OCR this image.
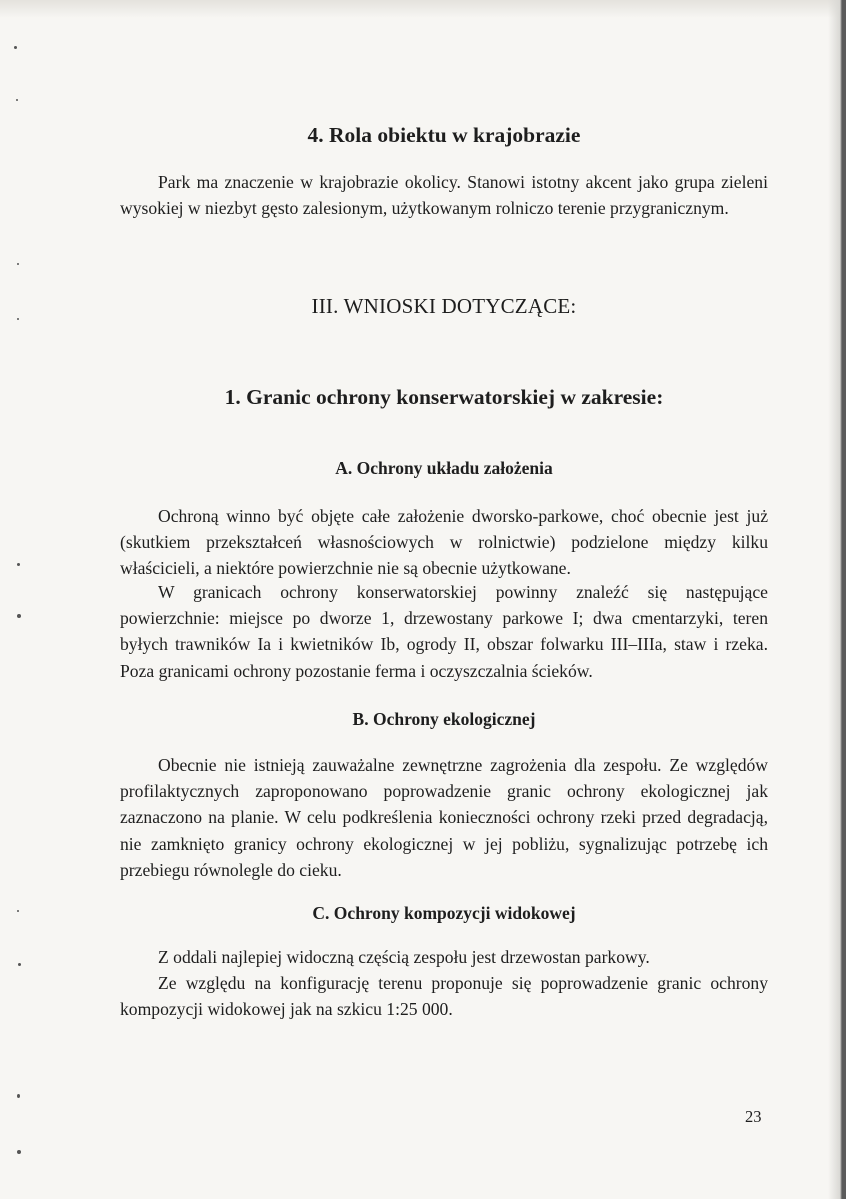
4. Rola obiektu w krajobrazie

Park ma znaczenie w krajobrazie okolicy. Stanowi istotny akcent jako grupa zieleni wysokiej w niezbyt gęsto zalesionym, użytkowanym rolniczo terenie przygranicznym.

III. WNIOSKI DOTYCZĄCE:
1. Granic ochrony konserwatorskiej w zakresie:
A. Ochrony układu założenia

Ochroną winno być objęte całe założenie dworsko-parkowe, choć obecnie jest już (skutkiem przekształceń własnościowych w rolnictwie) podzielone między kilku właścicieli, a niektóre powierzchnie nie są obecnie użytkowane.

W granicach ochrony konserwatorskiej powinny znaleźć się następujące powierzchnie: miejsce po dworze 1, drzewostany parkowe I; dwa cmentarzyki, teren byłych trawników Ia i kwietników Ib, ogrody II, obszar folwarku III–IIIa, staw i rzeka. Poza granicami ochrony pozostanie ferma i oczyszczalnia ścieków.

B. Ochrony ekologicznej

Obecnie nie istnieją zauważalne zewnętrzne zagrożenia dla zespołu. Ze względów profilaktycznych zaproponowano poprowadzenie granic ochrony ekologicznej jak zaznaczono na planie. W celu podkreślenia konieczności ochrony rzeki przed degradacją, nie zamknięto granicy ochrony ekologicznej w jej pobliżu, sygnalizując potrzebę ich przebiegu równolegle do cieku.

C. Ochrony kompozycji widokowej

Z oddali najlepiej widoczną częścią zespołu jest drzewostan parkowy.

Ze względu na konfigurację terenu proponuje się poprowadzenie granic ochrony kompozycji widokowej jak na szkicu 1:25 000.

23
